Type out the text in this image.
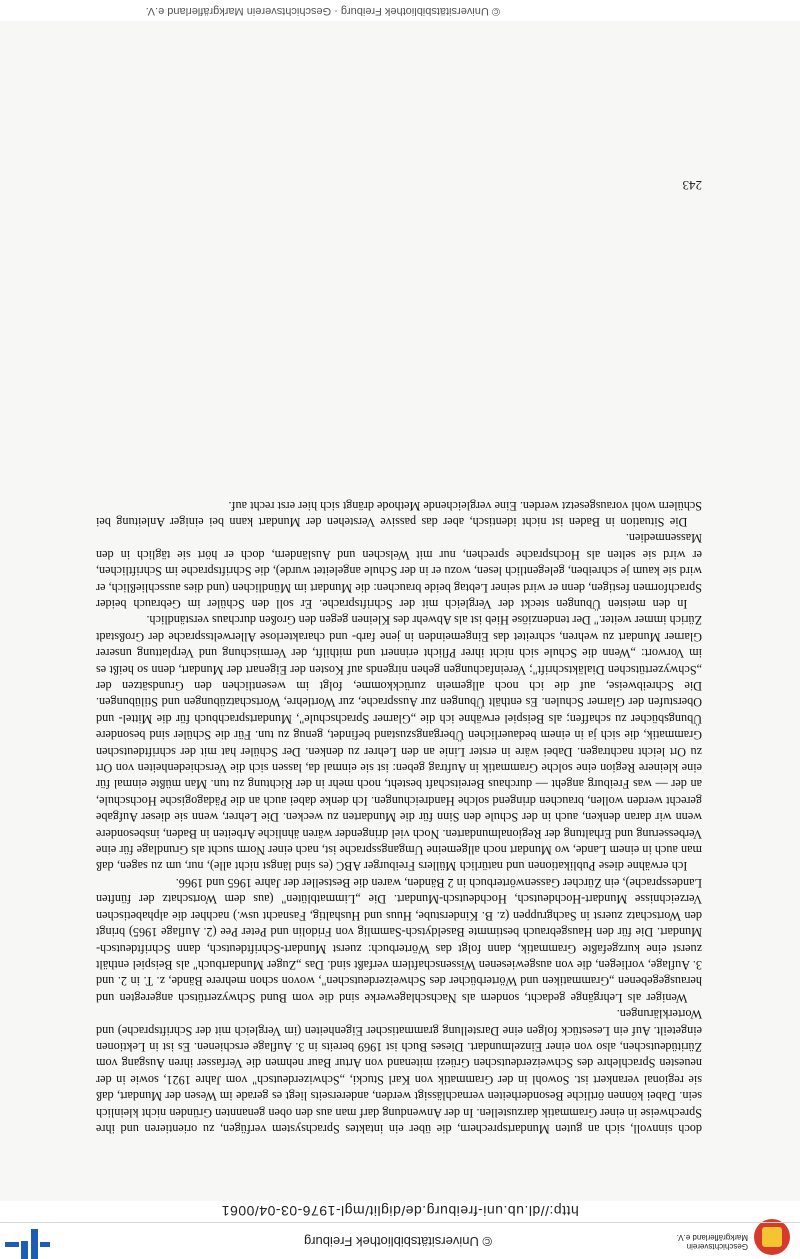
Geschichtsverein Markgräflerland e.V.
© Universitätsbibliothek Freiburg
http://dl.ub.uni-freiburg.de/diglit/mgl-1976-03-04/0061

doch sinnvoll, sich an guten Mundartsprechern, die über ein intaktes Sprachsystem verfügen, zu orientieren und ihre Sprechweise in einer Grammatik darzustellen. In der Anwendung darf man aus den oben genannten Gründen nicht kleinlich sein. Dabei können örtliche Besonderheiten vernachlässigt werden, andererseits liegt es gerade im Wesen der Mundart, daß sie regional verankert ist. Sowohl in der Grammatik von Karl Stucki, „Schwizerdeutsch" vom Jahre 1921, sowie in der neuesten Sprachlehre des Schweizerdeutschen Grüezi mitenand von Artur Baur nehmen die Verfasser ihren Ausgang vom Züritüdeutschen, also von einer Einzelmundart. Dieses Buch ist 1969 bereits in 3. Auflage erschienen. Es ist in Lektionen eingeteilt. Auf ein Lesestück folgen eine Darstellung grammatischer Eigenheiten (im Vergleich mit der Schriftsprache) und Worterklärungen.

Weniger als Lehrgänge gedacht, sondern als Nachschlagewerke sind die vom Bund Schwyzertütsch angeregten und herausgegebenen „Grammatiken und Wörterbücher des Schweizerdeutschen", wovon schon mehrere Bände, z. T. in 2. und 3. Auflage, vorliegen, die von ausgewiesenen Wissenschaftlern verfaßt sind. Das „Zuger Mundartbuch" als Beispiel enthält zuerst eine kurzgefaßte Grammatik, dann folgt das Wörterbuch: zuerst Mundart-Schriftdeutsch, dann Schriftdeutsch-Mundart. Die für den Hausgebrauch bestimmte Baseldytsch-Sammlig von Fridolin und Peter Pee (2. Auflage 1965) bringt den Wortschatz zuerst in Sachgruppen (z. B. Kinderstube, Huus und Hushaltig, Fasnacht usw.) nachher die alphabetischen Verzeichnisse Mundart-Hochdeutsch, Hochdeutsch-Mundart. Die „Limmatblüten" (aus dem Wortschatz der fünften Landessprache), ein Zürcher Gassenwörterbuch in 2 Bänden, waren die Bestseller der Jahre 1965 und 1966.

Ich erwähne diese Publikationen und natürlich Müllers Freiburger ABC (es sind längst nicht alle), nur, um zu sagen, daß man auch in einem Lande, wo Mundart noch allgemeine Umgangssprache ist, nach einer Norm sucht als Grundlage für eine Verbesserung und Erhaltung der Regionalmundarten. Noch viel dringender wären ähnliche Arbeiten in Baden, insbesondere wenn wir daran denken, auch in der Schule den Sinn für die Mundarten zu wecken. Die Lehrer, wenn sie dieser Aufgabe gerecht werden wollen, brauchen dringend solche Handreichungen. Ich denke dabei auch an die Pädagogische Hochschule, an der — was Freiburg angeht — durchaus Bereitschaft besteht, noch mehr in der Richtung zu tun. Man müßte einmal für eine kleinere Region eine solche Grammatik in Auftrag geben: ist sie einmal da, lassen sich die Verschiedenheiten von Ort zu Ort leicht nachtragen. Dabei wäre in erster Linie an den Lehrer zu denken. Der Schüler hat mit der schriftdeutschen Grammatik, die sich ja in einem bedauerlichen Übergangszustand befindet, genug zu tun. Für die Schüler sind besondere Übungsbücher zu schaffen; als Beispiel erwähne ich die „Glarner Sprachschule", Mundartsprachbuch für die Mittel- und Oberstufen der Glarner Schulen. Es enthält Übungen zur Aussprache, zur Wortlehre, Wortschatzübungen und Stilübungen. Die Schreibweise, auf die ich noch allgemein zurückkomme, folgt im wesentlichen den Grundsätzen der „Schwyzertütschen Dialäktschrift"; Vereinfachungen gehen nirgends auf Kosten der Eigenart der Mundart, denn so heißt es im Vorwort: „Wenn die Schule sich nicht ihrer Pflicht erinnert und mithilft, der Vermischung und Verplattung unserer Glarner Mundart zu wehren, schreitet das Eingemeinden in jene farb- und charakterlose Allerweltssprache der Großstadt Zürich immer weiter." Der tendenziöse Hieb ist als Abwehr des Kleinen gegen den Großen durchaus verständlich.

In den meisten Übungen steckt der Vergleich mit der Schriftsprache. Er soll den Schüler im Gebrauch beider Sprachformen festigen, denn er wird seiner Lebtag beide brauchen: die Mundart im Mündlichen (und dies ausschließlich, er wird sie kaum je schreiben, gelegentlich lesen, wozu er in der Schule angeleitet wurde), die Schriftsprache im Schriftlichen, er wird sie selten als Hochsprache sprechen, nur mit Welschen und Ausländern, doch er hört sie täglich in den Massenmedien.

Die Situation in Baden ist nicht identisch, aber das passive Verstehen der Mundart kann bei einiger Anleitung bei Schülern wohl vorausgesetzt werden. Eine vergleichende Methode drängt sich hier erst recht auf.

243
© Universitätsbibliothek Freiburg · Geschichtsverein Markgräflerland e.V.
